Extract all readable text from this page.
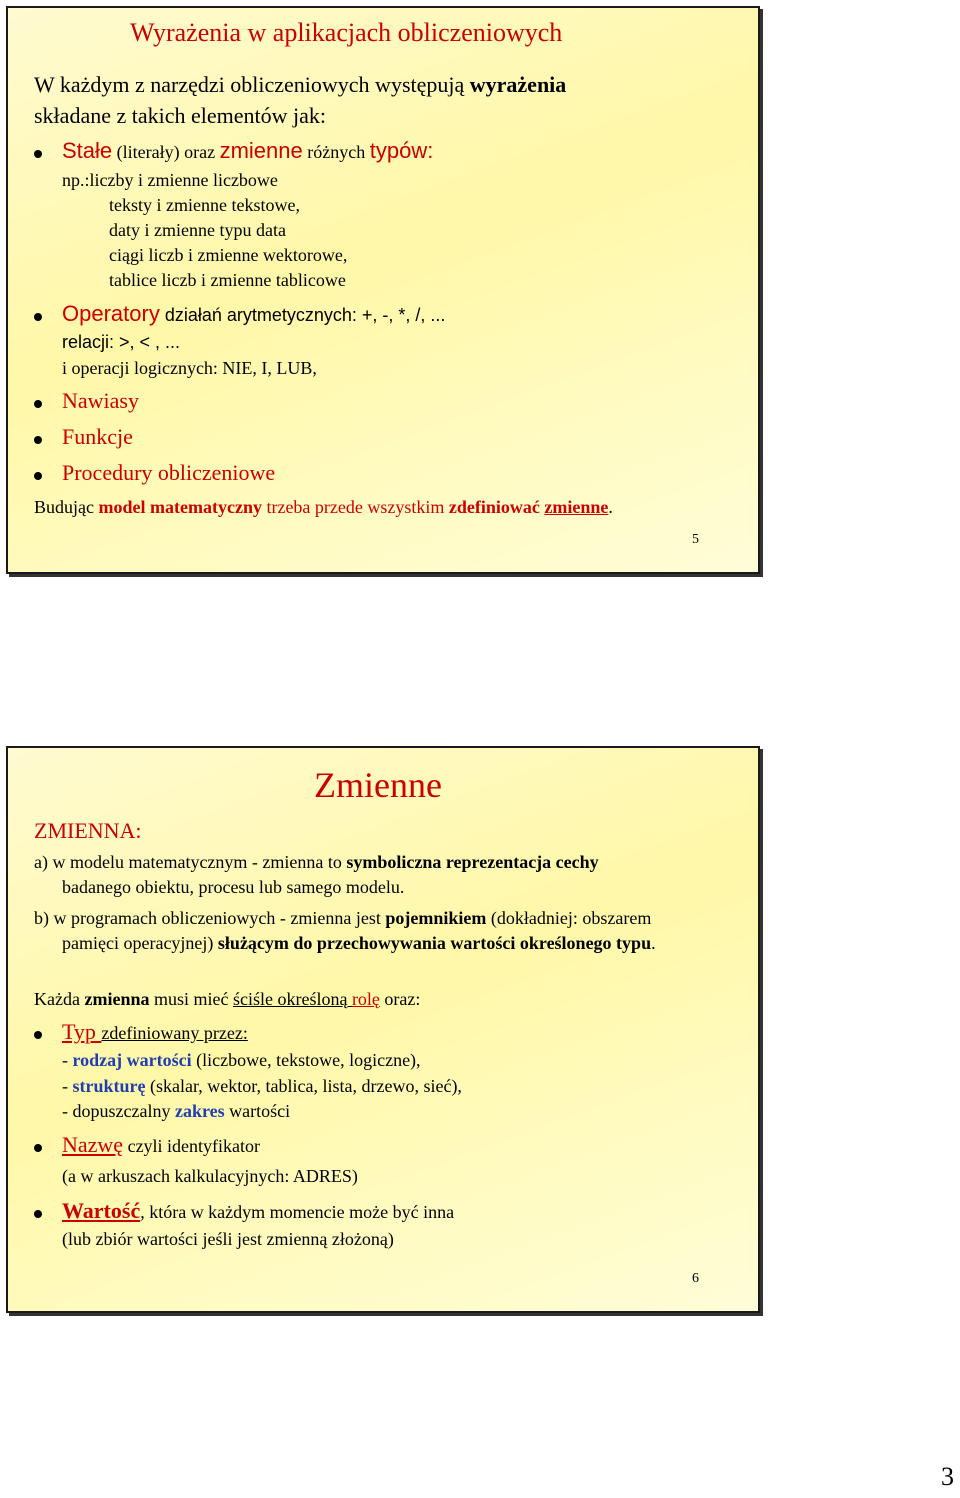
Wyrażenia w aplikacjach obliczeniowych
W każdym z narzędzi obliczeniowych występują wyrażenia
składane z takich elementów jak:
Stałe (literały) oraz zmienne różnych typów:
np.:liczby i zmienne liczbowe
teksty i zmienne tekstowe,
daty i zmienne typu data
ciągi liczb i zmienne wektorowe,
tablice liczb i zmienne tablicowe
Operatory działań arytmetycznych: +, -, *, /, ...
relacji: >, < , ...
i operacji logicznych: NIE, I, LUB,
Nawiasy
Funkcje
Procedury obliczeniowe
Budując model matematyczny trzeba przede wszystkim zdefiniować zmienne.
5
Zmienne
ZMIENNA:
a) w modelu matematycznym - zmienna to symboliczna reprezentacja cechy
badanego obiektu, procesu lub samego modelu.
b) w programach obliczeniowych - zmienna jest pojemnikiem (dokładniej: obszarem
pamięci operacyjnej) służącym do przechowywania wartości określonego typu.
Każda zmienna musi mieć ściśle określoną rolę oraz:
Typ zdefiniowany przez:
- rodzaj wartości (liczbowe, tekstowe, logiczne),
- strukturę (skalar, wektor, tablica, lista, drzewo, sieć),
- dopuszczalny zakres wartości
Nazwę czyli identyfikator
(a w arkuszach kalkulacyjnych: ADRES)
Wartość, która w każdym momencie może być inna
(lub zbiór wartości jeśli jest zmienną złożoną)
6
3
